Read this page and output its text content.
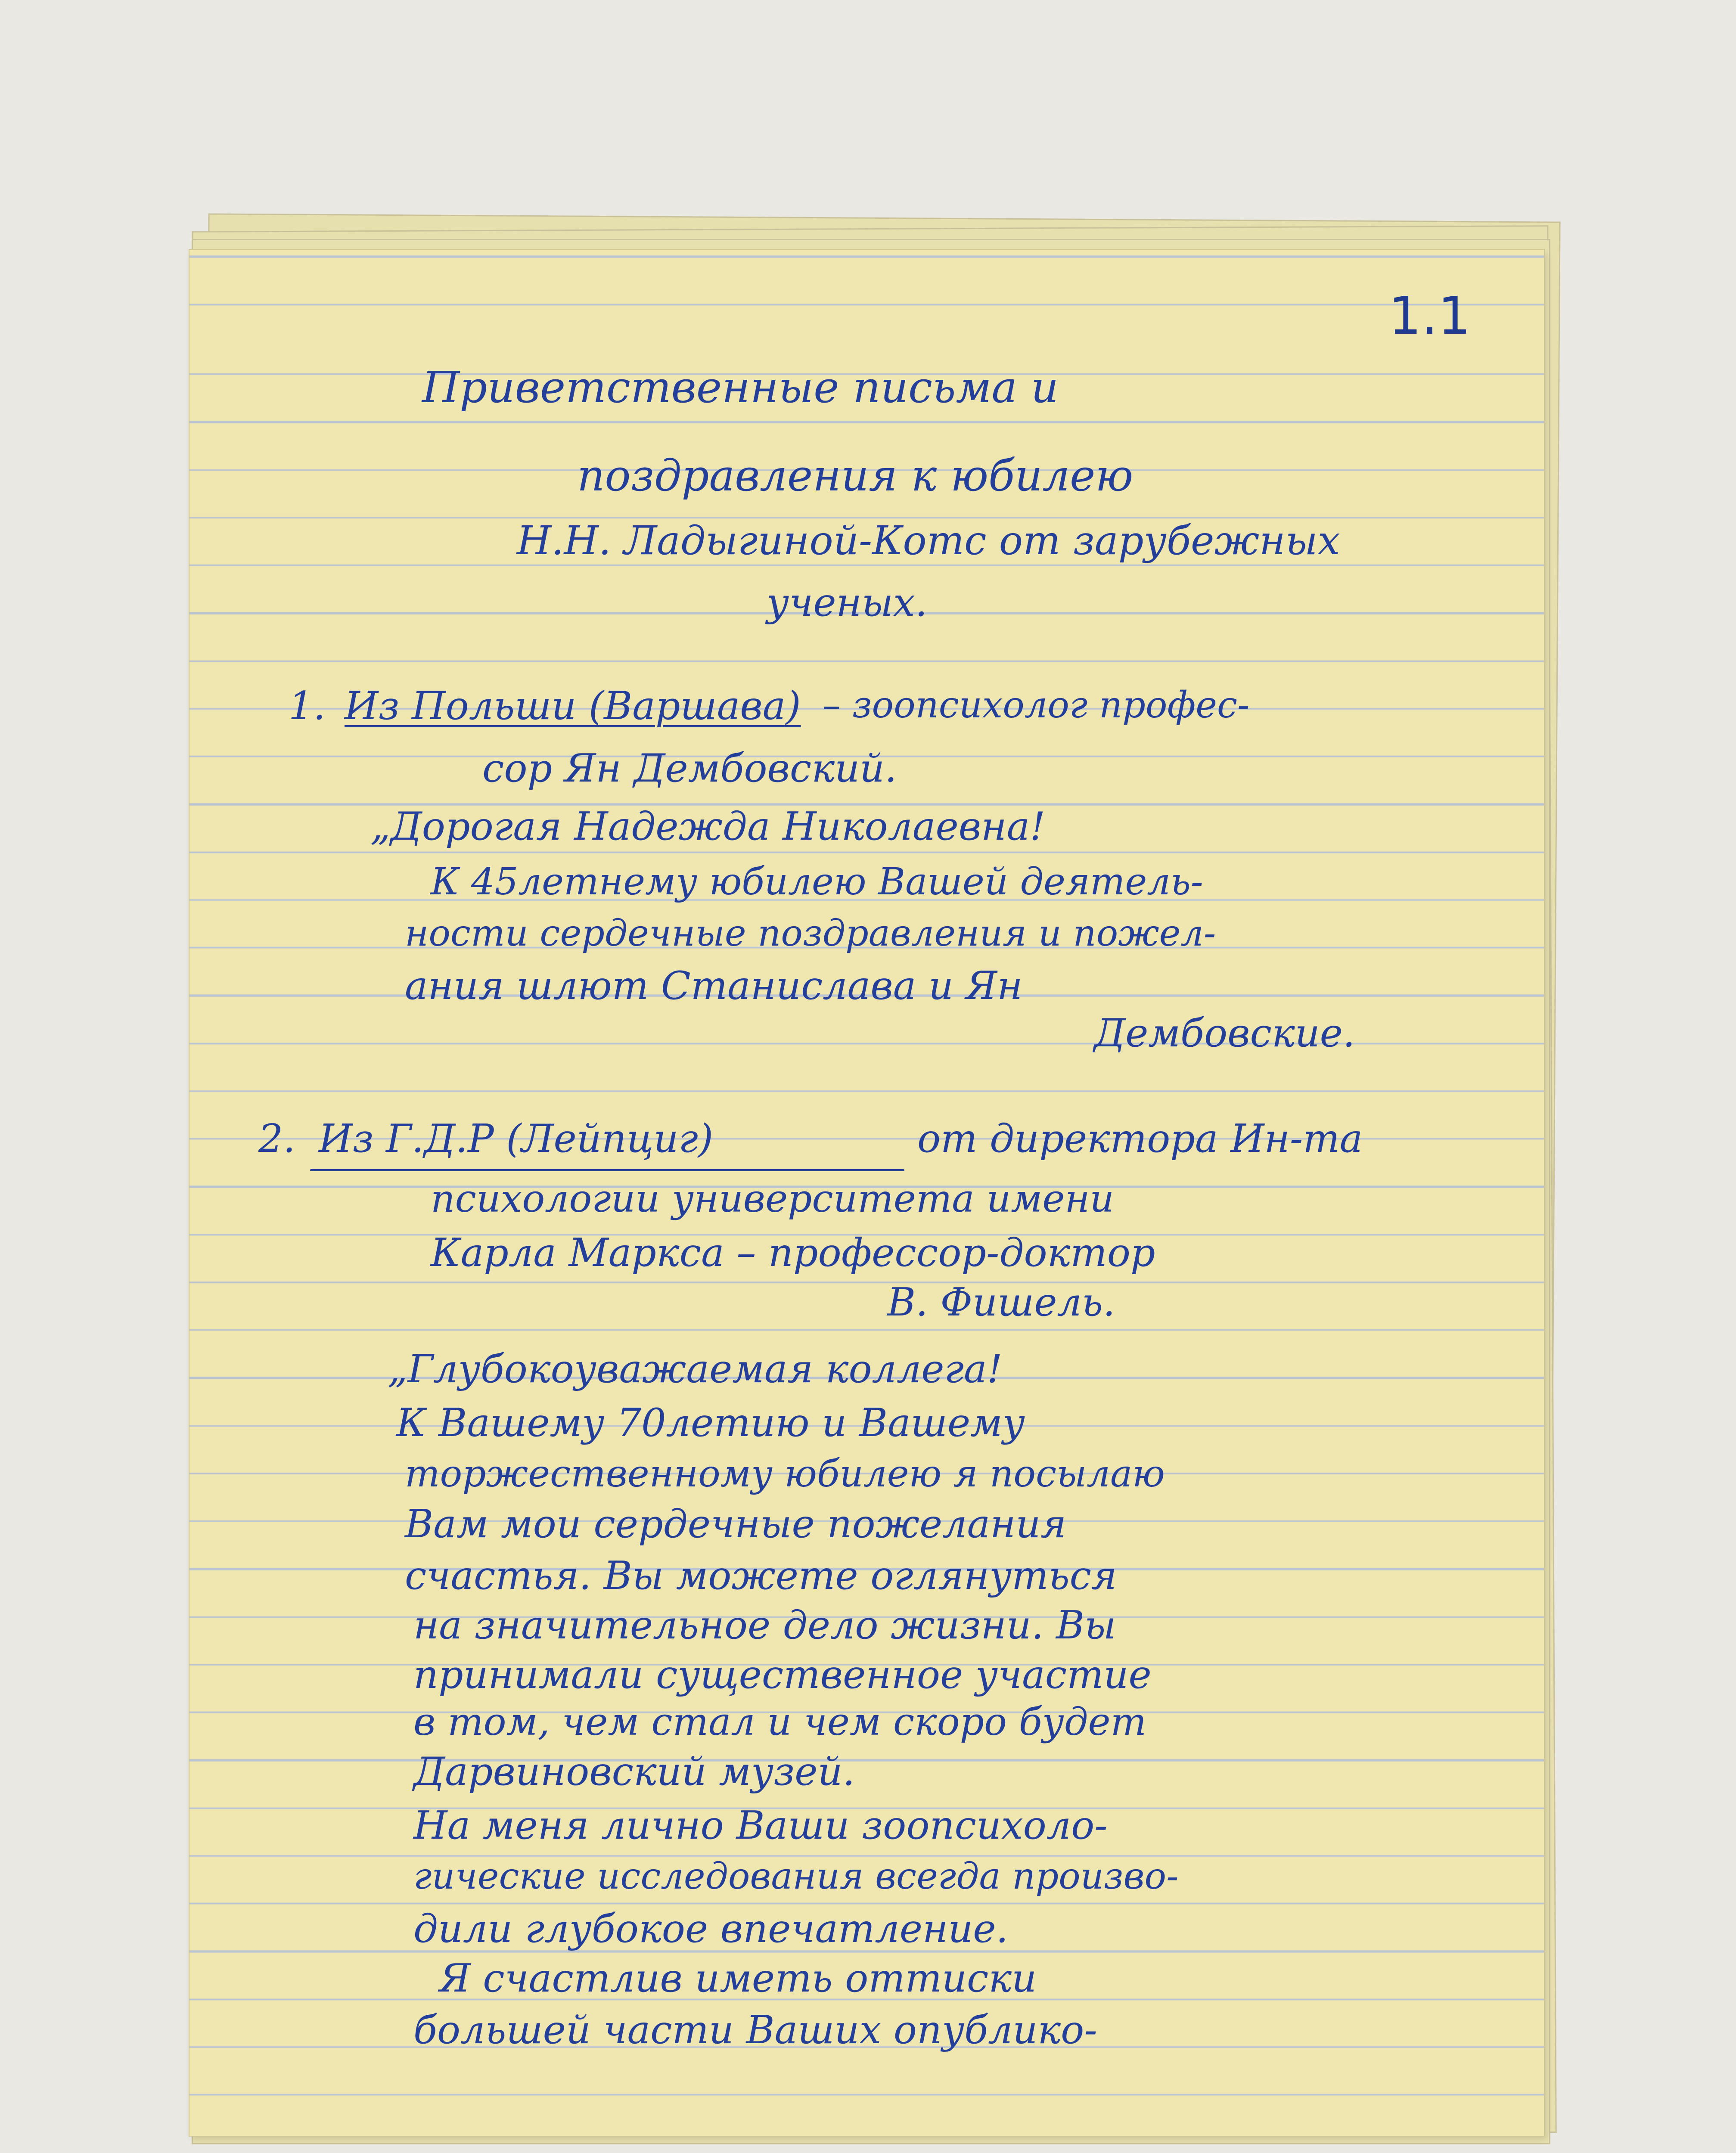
1.1
Приветственные письма и
поздравления к юбилею
Н.Н. Ладыгиной-Котс от зарубежных
ученых.
1. Из Польши (Варшава) – зоопсихолог профес-
сор Ян Дембовский.
„Дорогая Надежда Николаевна!
К 45летнему юбилею Вашей деятель-
ности сердечные поздравления и пожел-
ания шлют Станислава и Ян
Дембовские.
2. Из Г.Д.Р (Лейпциг)	от директора Ин-та
психологии университета имени
Карла Маркса – профессор-доктор
В. Фишель.
„Глубокоуважаемая коллега!
К Вашему 70летию и Вашему
торжественному юбилею я посылаю
Вам мои сердечные пожелания
счастья. Вы можете оглянуться
на значительное дело жизни. Вы
принимали существенное участие
в том, чем стал и чем скоро будет
Дарвиновский музей.
На меня лично Ваши зоопсихоло-
гические исследования всегда произво-
дили глубокое впечатление.
Я счастлив иметь оттиски
большей части Ваших опублико-
